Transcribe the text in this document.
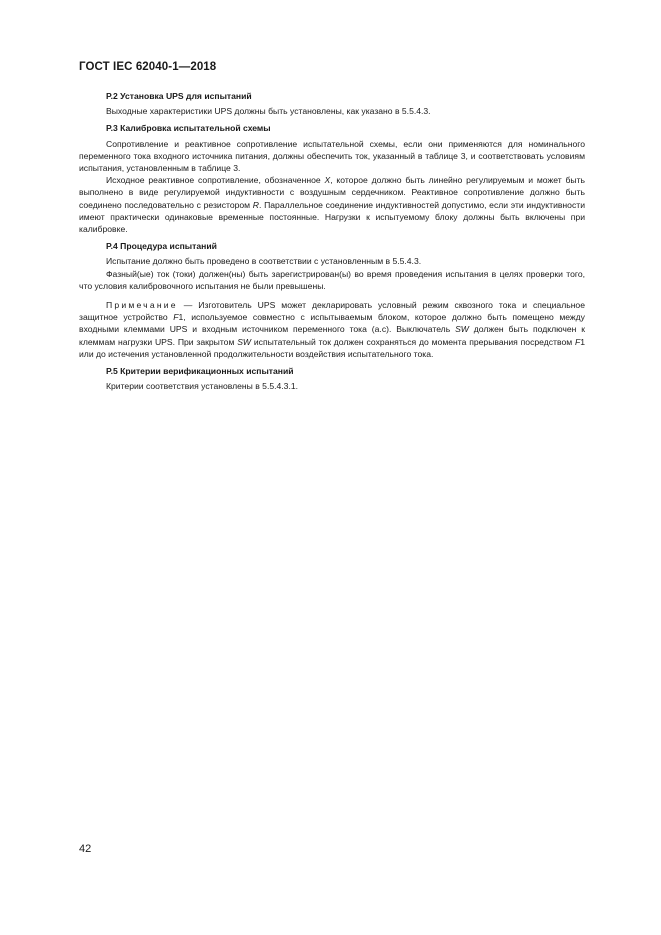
ГОСТ IEC 62040-1—2018

P.2 Установка UPS для испытаний

Выходные характеристики UPS должны быть установлены, как указано в 5.5.4.3.

P.3 Калибровка испытательной схемы

Сопротивление и реактивное сопротивление испытательной схемы, если они применяются для номинального переменного тока входного источника питания, должны обеспечить ток, указанный в таблице 3, и соответствовать условиям испытания, установленным в таблице 3.

Исходное реактивное сопротивление, обозначенное X, которое должно быть линейно регулируемым и может быть выполнено в виде регулируемой индуктивности с воздушным сердечником. Реактивное сопротивление должно быть соединено последовательно с резистором R. Параллельное соединение индуктивностей допустимо, если эти индуктивности имеют практически одинаковые временные постоянные. Нагрузки к испытуемому блоку должны быть включены при калибровке.

P.4 Процедура испытаний

Испытание должно быть проведено в соответствии с установленным в 5.5.4.3.

Фазный(ые) ток (токи) должен(ны) быть зарегистрирован(ы) во время проведения испытания в целях проверки того, что условия калибровочного испытания не были превышены.

Примечание — Изготовитель UPS может декларировать условный режим сквозного тока и специальное защитное устройство F1, используемое совместно с испытываемым блоком, которое должно быть помещено между входными клеммами UPS и входным источником переменного тока (а.с). Выключатель SW должен быть подключен к клеммам нагрузки UPS. При закрытом SW испытательный ток должен сохраняться до момента прерывания посредством F1 или до истечения установленной продолжительности воздействия испытательного тока.

P.5 Критерии верификационных испытаний

Критерии соответствия установлены в 5.5.4.3.1.

42
